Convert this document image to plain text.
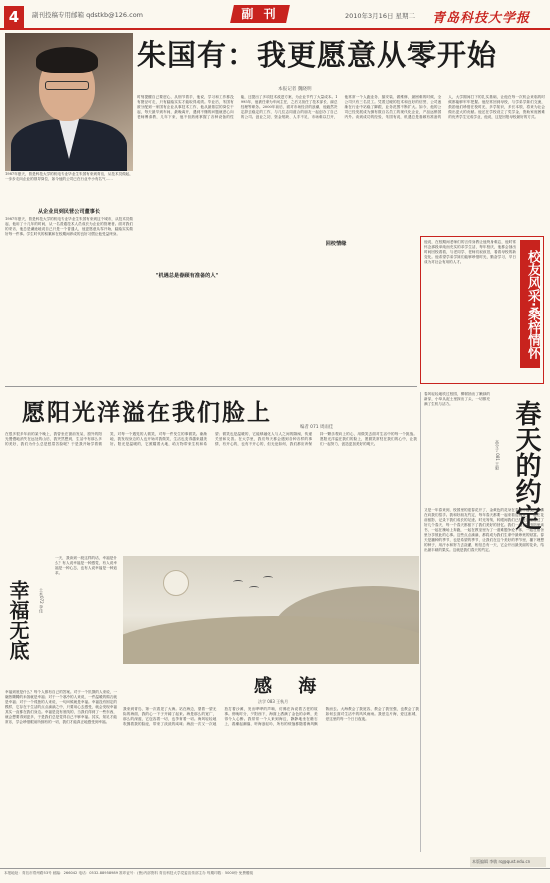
4	副刊投稿专用邮箱 qdstkb@126.com	副 刊	2010年3月16日 星期二 青岛科技大学报
朱国有：我更愿意从零开始
本报记者 魏晓明
时刻提醒自己要虚心，从细节着手，他说，学习和工作都没有捷径可走，只有踏踏实实才能取得成绩。毕业后，朱国有被分配到一家国有企业从事技术工作，他从最基层的岗位干起，每天最早到车间，最晚离开，遇到不懂的问题就虚心向老师傅请教，几年下来，他不但熟练掌握了各种设备的性能，还提出了多项技术改进方案，为企业节约了大量成本。1995年，他被任命为车间主任，之后又担任了技术部长、副总经理等职务。2000年前后，面对市场经济的浪潮，他毅然决定辞去稳定的工作，与几位志同道合的朋友一起创办了自己的公司。创业之初，资金短缺、人手不足、市场难以打开，他常常一个人跑业务、搞安装、做维修，最困难的时候，全公司只有三名员工。凭着过硬的技术和良好的信誉，公司逐渐在行业中站稳了脚跟，业务范围不断扩大。如今，他的公司已经发展成为拥有数百名员工的现代化企业，产品远销国内外。谈到成功的经验，朱国有说，机遇总是眷顾有准备的人，大学期间打下的扎实基础，让他在每一次机会来临的时候都能够牢牢把握。他经常回到母校，与学弟学妹们交流，鼓励他们珍惜在校时光，多学知识，多长本领，将来为社会做出更大的贡献。他还在学校设立了奖学金，资助家庭困难的优秀学生完成学业，他说，这是回报母校最好的方式。
1987年夏天，曾是科技大学的机电专业毕业生朱国有来到青岛，从技术员做起，一步步走向企业的领导岗位，如今他的公司已在行业中小有名气……
从企业员到民营公司董事长
1987年夏天，曾是科技大学的机电专业毕业生朱国有来到这个城市，从技术员做起，他用了十几年的时间，从一名普通技术人员成长为企业的管理者。面对我们的采访，他总是谦逊地说自己只是一个普通人，他更愿意从零开始，踏踏实实做好每一件事。学生时代的积累和在校期间养成的良好习惯让他受益终身。
"机遇总是眷顾有准备的人"
回校情缘
校友风采·桑梓情怀
他说，在校期间老师们的言传身教让他终身难忘，他时常怀念那段单纯而充实的求学生活，每年校庆，他都会抽出时间回校看看，与老同学、老师们叙叙旧，看看母校的新变化。他希望学弟学妹们能够珍惜时光，勤奋学习，早日成为对社会有用的人才。
愿阳光洋溢在我们脸上
编者 071 周雨佳
在很多很多年前的某个晚上，我曾坐在窗前发呆，窗外的阳光慢慢地消失在远处的山后，我突然想到，生活中有那么多的美好，我们为什么总是愁眉苦脸呢？于是我开始学着微笑，对每一个遇见的人微笑，对每一件发生的事微笑。渐渐地，我发现身边的人也开始对我微笑，生活也变得越来越美好。阳光是温暖的，它照耀着大地，给万物带来生机和希望；微笑也是温暖的，它能够融化人与人之间的隔阂，传递关爱和友善。在大学里，我们每天都会遇到各种各样的事情，有开心的，也有不开心的，但无论如何，我们都应该保持一颗乐观向上的心，用微笑去面对生活中的每一个挑战。愿阳光洋溢在我们的脸上，愿微笑常驻在我们的心中，让我们一起努力，创造更加美好的明天。
幸福无底 土木072 李佳
一天，我读到一段这样的话，幸福是什么？有人说幸福是一种感觉，有人说幸福是一种心态，也有人说幸福是一种追求。
幸福到底是什么？每个人都有自己的答案。对于一个饥饿的人来说，一碗热腾腾的米饭就是幸福；对于一个寒冷的人来说，一件温暖的棉衣就是幸福；对于一个孤独的人来说，一句问候就是幸福。幸福没有固定的模样，它存在于生活的点点滴滴之中，只要用心去感受，就会发现幸福其实一直都在我们身边。幸福是没有底线的，当我们得到了一些东西，就会想要得到更多，于是我们总是觉得自己不够幸福。其实，知足才能常乐，学会珍惜眼前所拥有的一切，我们才能真正地感受到幸福。
感 海
法学 083 王秋月
我来到青岛，第一次看见了大海。站在海边，望着一望无际的海面，我的心一下子开阔了起来。海是那么的宽广，那么的深邃，它包容着一切，也孕育着一切。海风轻轻地吹拂着我的脸庞，带来了淡淡的咸味；海浪一次又一次地拍打着沙滩，发出哗哗的声响，仿佛在诉说着古老的故事。傍晚时分，夕阳西下，海面上洒满了金色的余晖，美得令人心醉。我常常一个人来到海边，静静地坐在礁石上，看潮起潮落，听海浪轻吟，所有的烦恼都随着海风飘散而去。大海教会了我宽容，教会了我坚强，也教会了我如何去面对生活中的风风雨雨。我爱这片海，爱这座城，爱这里的每一个日日夜夜。
春天的约定
高分子 081 王毅
春风轻轻地吹过校园，柳树抽出了嫩绿的新芽，小草从泥土里探出了头，一切都充满了生机与活力。
又是一年春来到，校园里的迎春花开了，金黄色的花朵在春风中摇曳，仿佛在向我们招手。我和好朋友约定，每年春天都要一起来看迎春花，一起在花前留影，记录下我们成长的足迹。时光匆匆，转眼间我们已经在这里度过了好几个春天，每一个春天都留下了我们美好的回忆。我们一起在图书馆里读书，一起在操场上奔跑，一起在教室里为了一道难题争论不休，一起在宿舍里分享彼此的心事。这些点点滴滴，都将成为我们生命中最珍贵的财富。春天是播种的季节，也是希望的季节，让我们在这个美好的季节里，播下理想的种子，用汗水和努力去浇灌，相信总有一天，它会开出最美丽的花朵，结出最丰硕的果实。这就是我们春天的约定。
本版编辑 李敏 rq@qust.edu.cn
本报地址：青岛市郑州路53号 邮编：266042 电话：0532-88958989 准印证号：(鲁)内部资料 青岛科技大学党委宣传部主办 每期印数：5000份 免费赠阅
